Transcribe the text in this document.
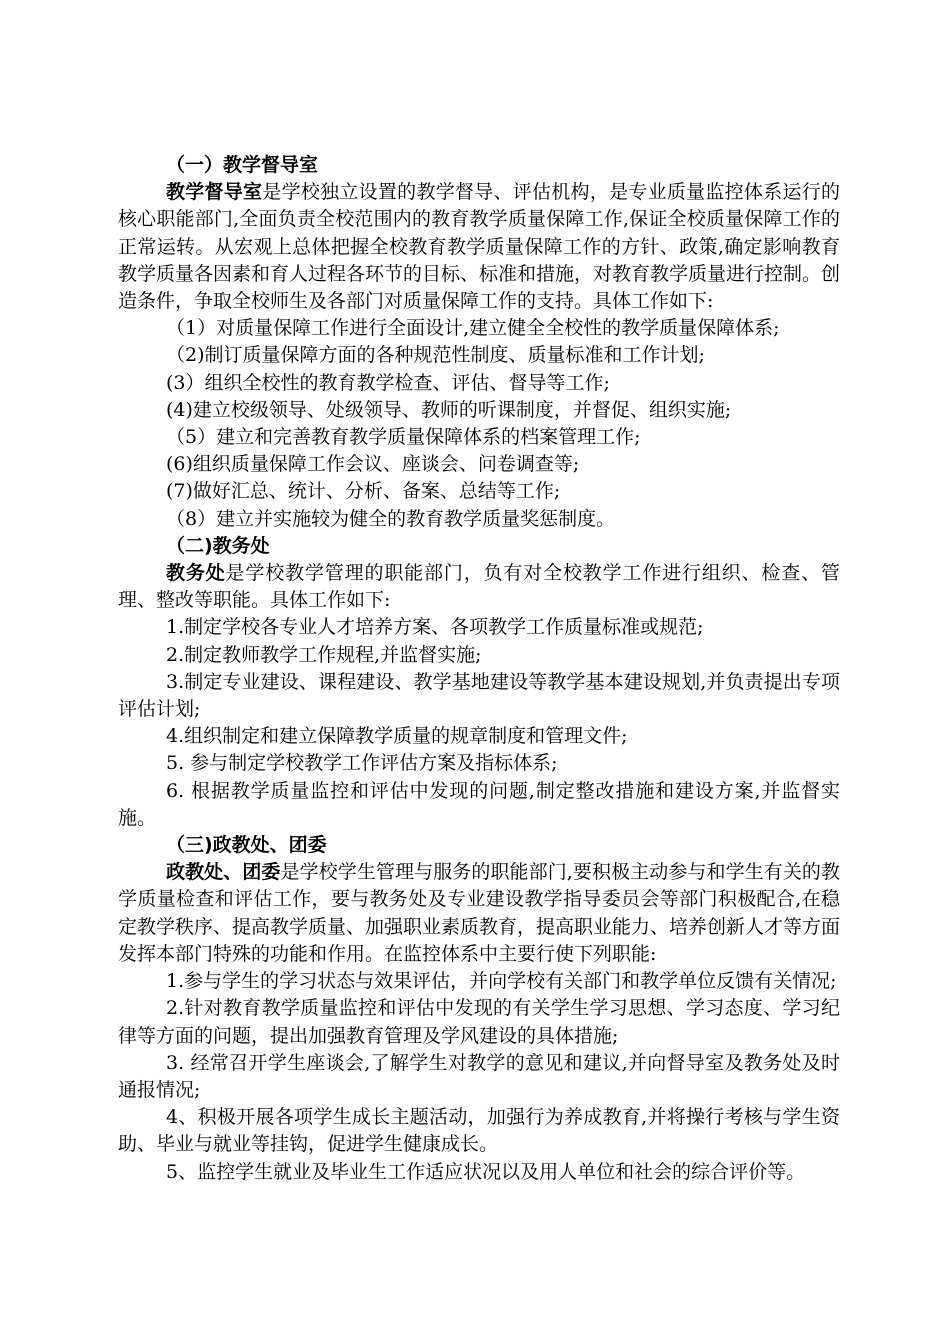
（一）教学督导室

教学督导室是学校独立设置的教学督导、评估机构，是专业质量监控体系运行的核心职能部门,全面负责全校范围内的教育教学质量保障工作,保证全校质量保障工作的正常运转。从宏观上总体把握全校教育教学质量保障工作的方针、政策,确定影响教育教学质量各因素和育人过程各环节的目标、标准和措施，对教育教学质量进行控制。创造条件，争取全校师生及各部门对质量保障工作的支持。具体工作如下:

（1）对质量保障工作进行全面设计,建立健全全校性的教学质量保障体系;

（2)制订质量保障方面的各种规范性制度、质量标准和工作计划;

(3）组织全校性的教育教学检查、评估、督导等工作;

(4)建立校级领导、处级领导、教师的听课制度，并督促、组织实施;

（5）建立和完善教育教学质量保障体系的档案管理工作;

(6)组织质量保障工作会议、座谈会、问卷调查等;

(7)做好汇总、统计、分析、备案、总结等工作;

（8）建立并实施较为健全的教育教学质量奖惩制度。

（二)教务处

教务处是学校教学管理的职能部门，负有对全校教学工作进行组织、检查、管理、整改等职能。具体工作如下:

1.制定学校各专业人才培养方案、各项教学工作质量标准或规范;

2.制定教师教学工作规程,并监督实施;

3.制定专业建设、课程建设、教学基地建设等教学基本建设规划,并负责提出专项评估计划;

4.组织制定和建立保障教学质量的规章制度和管理文件;

5. 参与制定学校教学工作评估方案及指标体系;

6. 根据教学质量监控和评估中发现的问题,制定整改措施和建设方案,并监督实施。

（三)政教处、团委

政教处、团委是学校学生管理与服务的职能部门,要积极主动参与和学生有关的教学质量检查和评估工作，要与教务处及专业建设教学指导委员会等部门积极配合,在稳定教学秩序、提高教学质量、加强职业素质教育，提高职业能力、培养创新人才等方面发挥本部门特殊的功能和作用。在监控体系中主要行使下列职能:

1.参与学生的学习状态与效果评估，并向学校有关部门和教学单位反馈有关情况;

2.针对教育教学质量监控和评估中发现的有关学生学习思想、学习态度、学习纪律等方面的问题，提出加强教育管理及学风建设的具体措施;

3. 经常召开学生座谈会,了解学生对教学的意见和建议,并向督导室及教务处及时通报情况;

4、积极开展各项学生成长主题活动，加强行为养成教育,并将操行考核与学生资助、毕业与就业等挂钩，促进学生健康成长。

5、监控学生就业及毕业生工作适应状况以及用人单位和社会的综合评价等。
